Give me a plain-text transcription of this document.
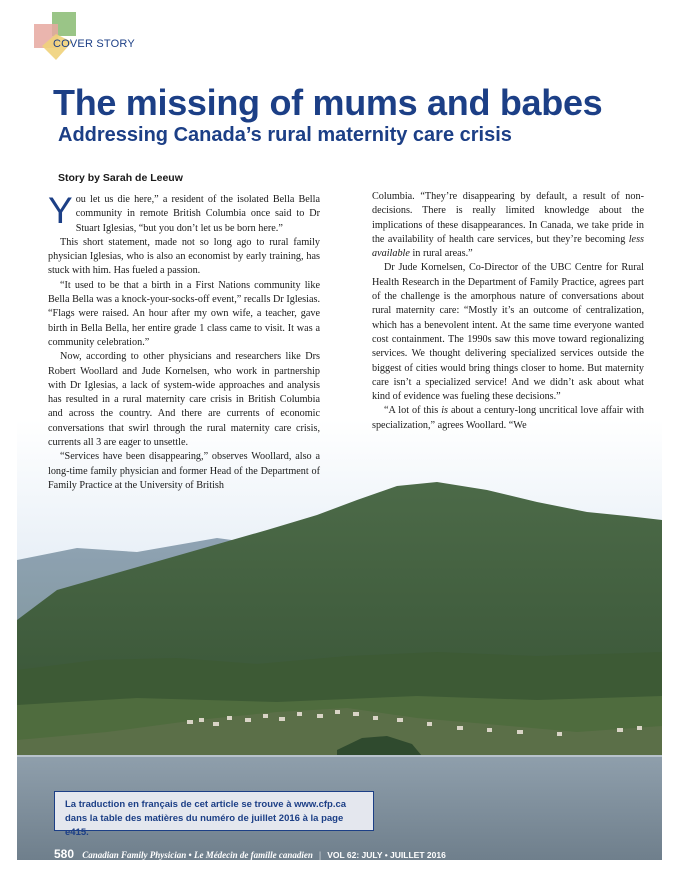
COVER STORY
The missing of mums and babes
Addressing Canada’s rural maternity care crisis
Story by Sarah de Leeuw

You let us die here,” a resident of the isolated Bella Bella community in remote British Columbia once said to Dr Stuart Iglesias, “but you don’t let us be born here.”

This short statement, made not so long ago to rural family physician Iglesias, who is also an economist by early training, has stuck with him. Has fueled a passion.

“It used to be that a birth in a First Nations community like Bella Bella was a knock-your-socks-off event,” recalls Dr Iglesias. “Flags were raised. An hour after my own wife, a teacher, gave birth in Bella Bella, her entire grade 1 class came to visit. It was a community celebration.”

Now, according to other physicians and researchers like Drs Robert Woollard and Jude Kornelsen, who work in partnership with Dr Iglesias, a lack of system-wide approaches and analysis has resulted in a rural maternity care crisis in British Columbia and across the country. And there are currents of economic conversations that swirl through the rural maternity care crisis, currents all 3 are eager to unsettle.

“Services have been disappearing,” observes Woollard, also a long-time family physician and former Head of the Department of Family Practice at the University of British

Columbia. “They’re disappearing by default, a result of non-decisions. There is really limited knowledge about the implications of these disappearances. In Canada, we take pride in the availability of health care services, but they’re becoming less available in rural areas.”

Dr Jude Kornelsen, Co-Director of the UBC Centre for Rural Health Research in the Department of Family Practice, agrees part of the challenge is the amorphous nature of conversations about rural maternity care: “Mostly it’s an outcome of centralization, which has a benevolent intent. At the same time everyone wanted cost containment. The 1990s saw this move toward regionalizing services. We thought delivering specialized services outside the biggest of cities would bring things closer to home. But maternity care isn’t a specialized service! And we didn’t ask about what kind of evidence was fueling these decisions.”

“A lot of this is about a century-long uncritical love affair with specialization,” agrees Woollard. “We

La traduction en français de cet article se trouve à www.cfp.ca
dans la table des matières du numéro de juillet 2016 à la page e415.
580 Canadian Family Physician • Le Médecin de famille canadien | VOL 62: JULY • JUILLET 2016
